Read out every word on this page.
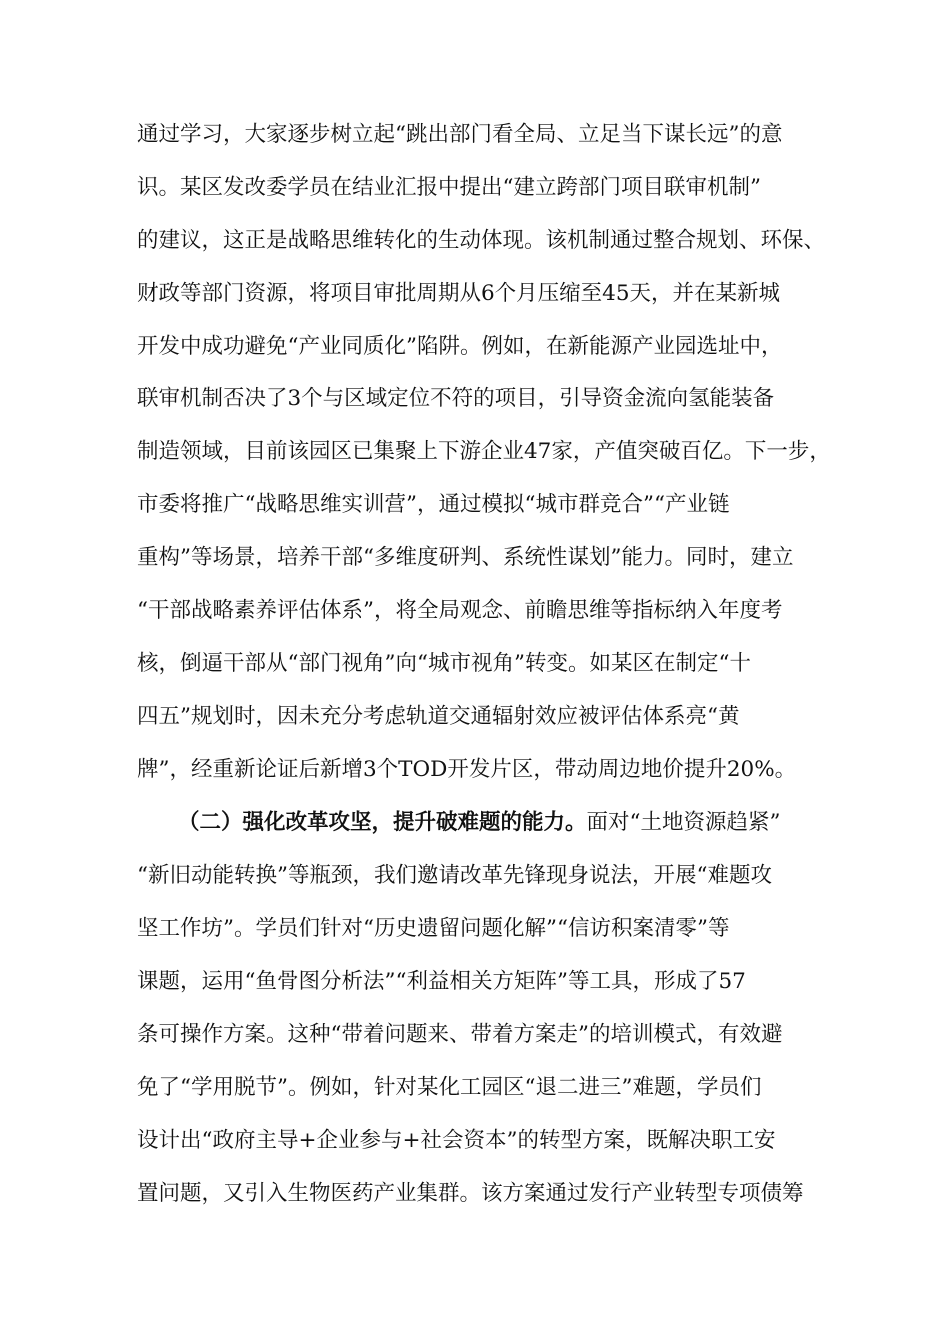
通过学习，大家逐步树立起“跳出部门看全局、立足当下谋长远”的意
识。某区发改委学员在结业汇报中提出“建立跨部门项目联审机制”
的建议，这正是战略思维转化的生动体现。该机制通过整合规划、环保、
财政等部门资源，将项目审批周期从6个月压缩至45天，并在某新城
开发中成功避免“产业同质化”陷阱。例如，在新能源产业园选址中，
联审机制否决了3个与区域定位不符的项目，引导资金流向氢能装备
制造领域，目前该园区已集聚上下游企业47家，产值突破百亿。下一步，
市委将推广“战略思维实训营”，通过模拟“城市群竞合”“产业链
重构”等场景，培养干部“多维度研判、系统性谋划”能力。同时，建立
“干部战略素养评估体系”，将全局观念、前瞻思维等指标纳入年度考
核，倒逼干部从“部门视角”向“城市视角”转变。如某区在制定“十
四五”规划时，因未充分考虑轨道交通辐射效应被评估体系亮“黄
牌”，经重新论证后新增3个TOD开发片区，带动周边地价提升20%。
（二）强化改革攻坚，提升破难题的能力。面对“土地资源趋紧”
“新旧动能转换”等瓶颈，我们邀请改革先锋现身说法，开展“难题攻
坚工作坊”。学员们针对“历史遗留问题化解”“信访积案清零”等
课题，运用“鱼骨图分析法”“利益相关方矩阵”等工具，形成了57
条可操作方案。这种“带着问题来、带着方案走”的培训模式，有效避
免了“学用脱节”。例如，针对某化工园区“退二进三”难题，学员们
设计出“政府主导+企业参与+社会资本”的转型方案，既解决职工安
置问题，又引入生物医药产业集群。该方案通过发行产业转型专项债筹
